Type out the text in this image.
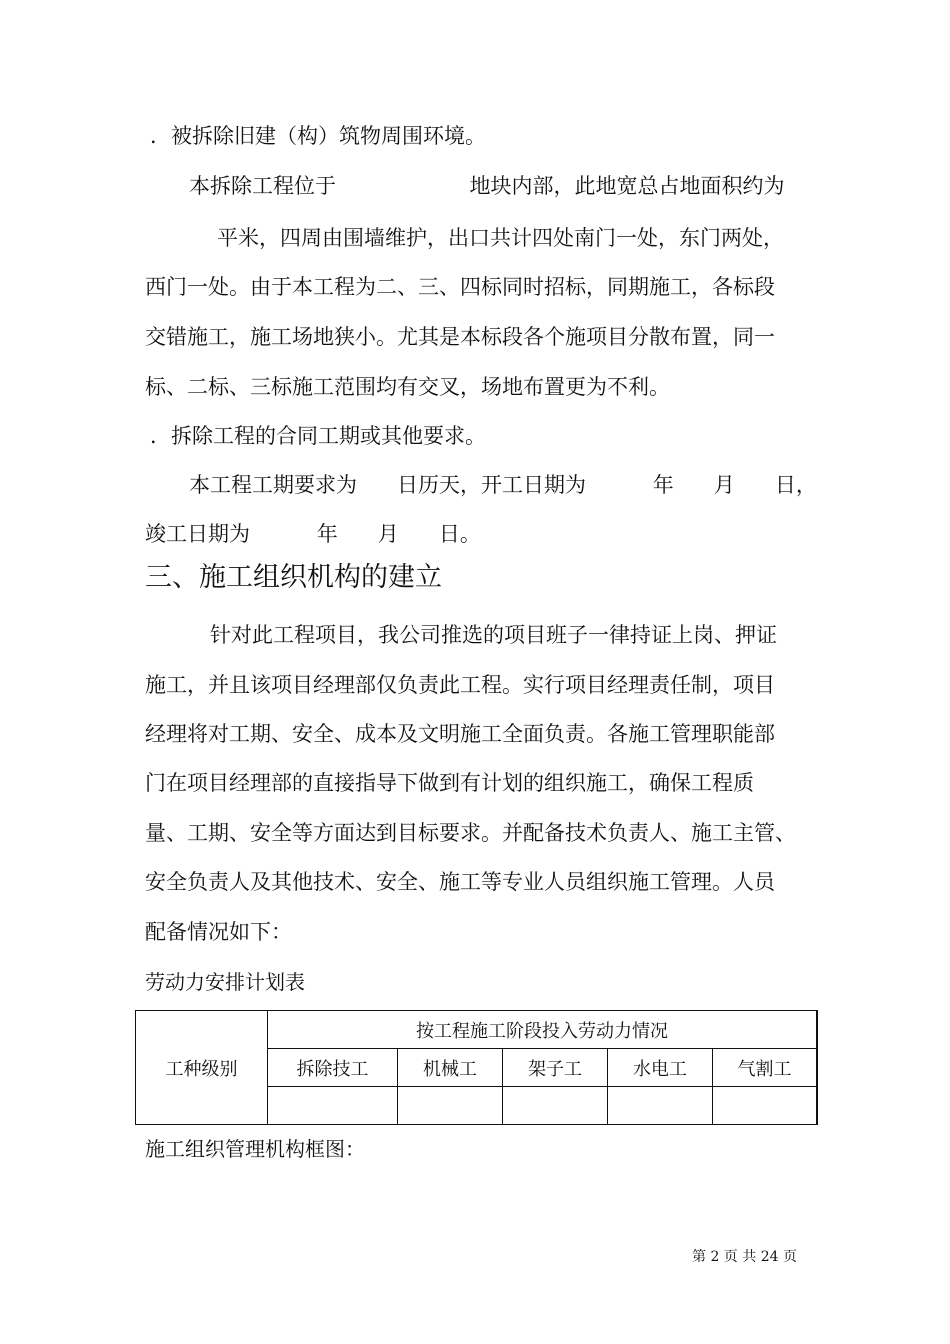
．被拆除旧建（构）筑物周围环境。
本拆除工程位于                    地块内部，此地宽总占地面积约为
平米，四周由围墙维护，出口共计四处南门一处，东门两处，
西门一处。由于本工程为二、三、四标同时招标，同期施工，各标段
交错施工，施工场地狭小。尤其是本标段各个施项目分散布置，同一
标、二标、三标施工范围均有交叉，场地布置更为不利。
．拆除工程的合同工期或其他要求。
本工程工期要求为      日历天，开工日期为          年      月      日，
竣工日期为          年      月      日。
三、施工组织机构的建立
针对此工程项目，我公司推选的项目班子一律持证上岗、押证
施工，并且该项目经理部仅负责此工程。实行项目经理责任制，项目
经理将对工期、安全、成本及文明施工全面负责。各施工管理职能部
门在项目经理部的直接指导下做到有计划的组织施工，确保工程质
量、工期、安全等方面达到目标要求。并配备技术负责人、施工主管、
安全负责人及其他技术、安全、施工等专业人员组织施工管理。人员
配备情况如下：
劳动力安排计划表
工种级别	按工程施工阶段投入劳动力情况				
	拆除技工	机械工	架子工	水电工	气割工

施工组织管理机构框图：
第 2 页 共 24 页
